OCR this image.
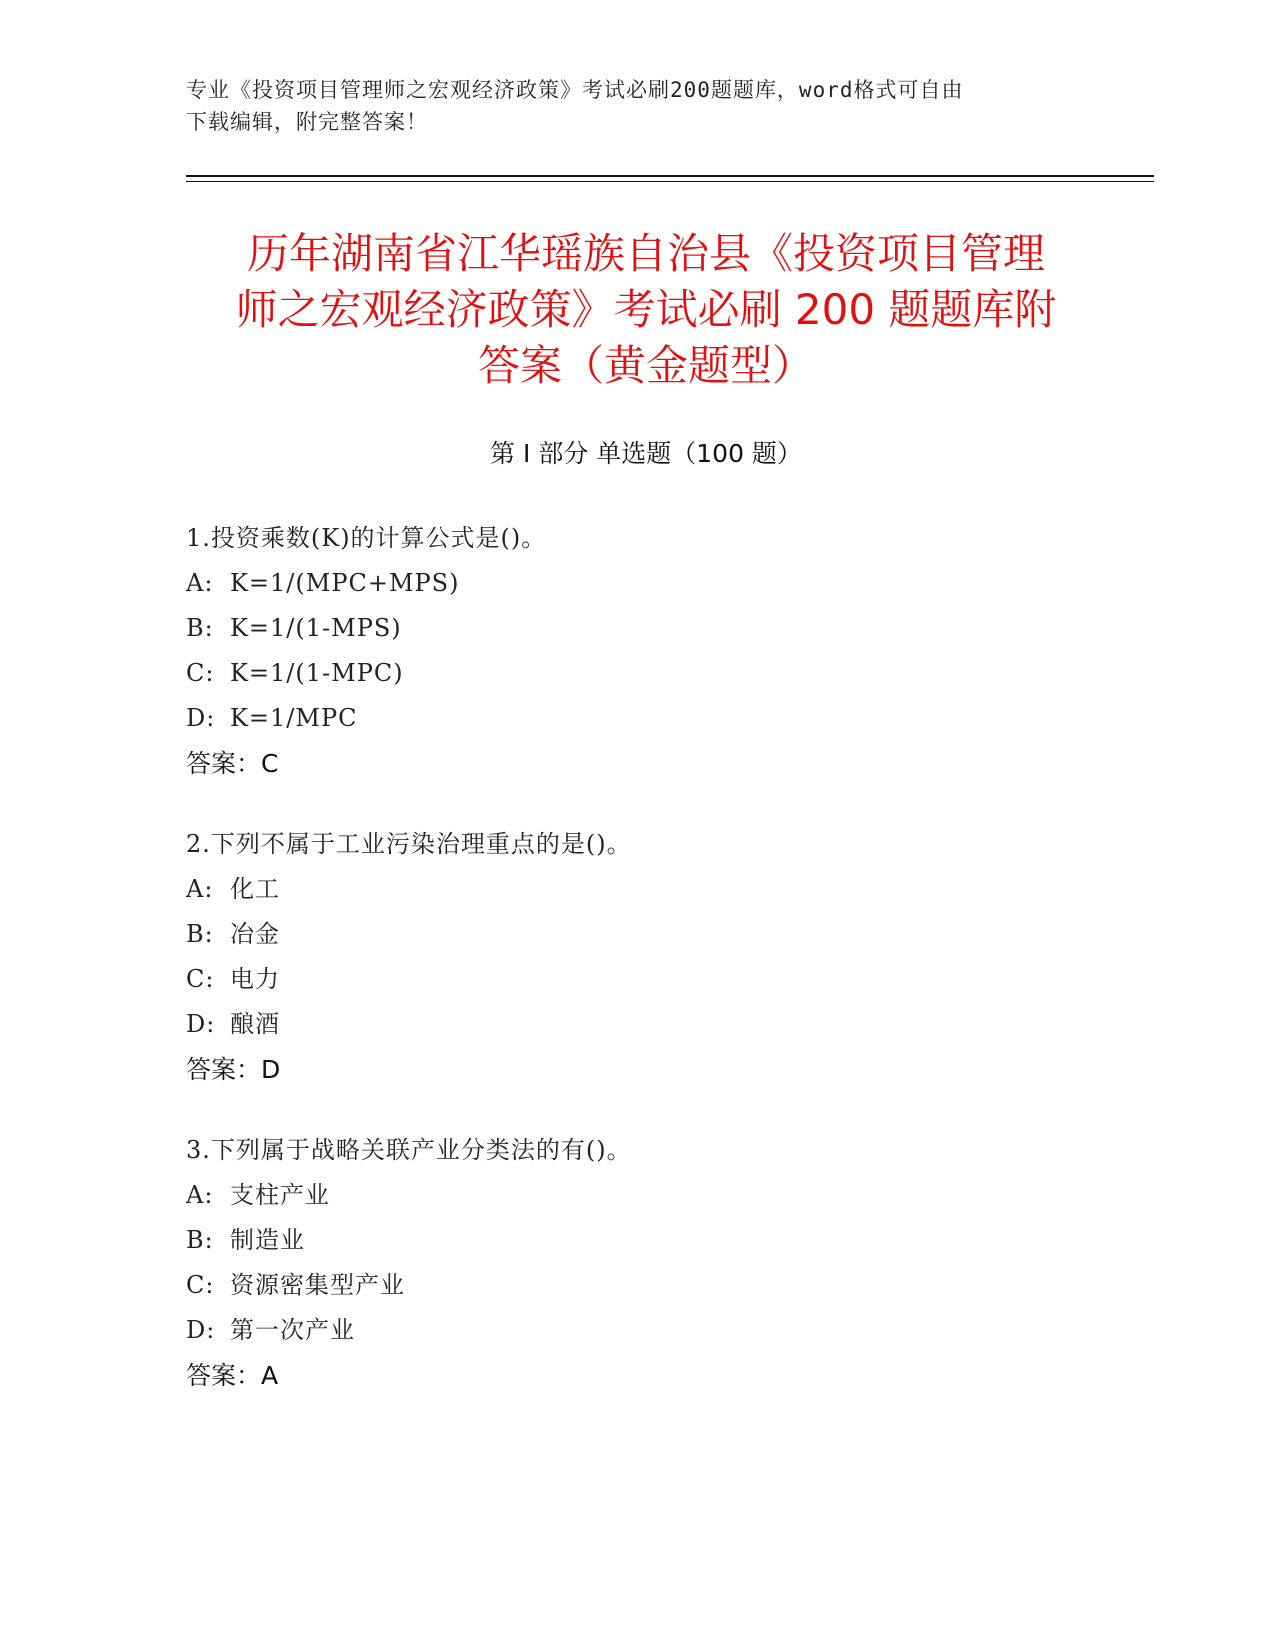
专业《投资项目管理师之宏观经济政策》考试必刷200题题库，word格式可自由
下载编辑，附完整答案！
历年湖南省江华瑶族自治县《投资项目管理
师之宏观经济政策》考试必刷 200 题题库附
答案（黄金题型）
第 I 部分 单选题（100 题）
1.投资乘数(K)的计算公式是()。
A: K=1/(MPC+MPS)
B: K=1/(1-MPS)
C: K=1/(1-MPC)
D: K=1/MPC
答案：C
2.下列不属于工业污染治理重点的是()。
A: 化工
B: 冶金
C: 电力
D: 酿酒
答案：D
3.下列属于战略关联产业分类法的有()。
A: 支柱产业
B: 制造业
C: 资源密集型产业
D: 第一次产业
答案：A
